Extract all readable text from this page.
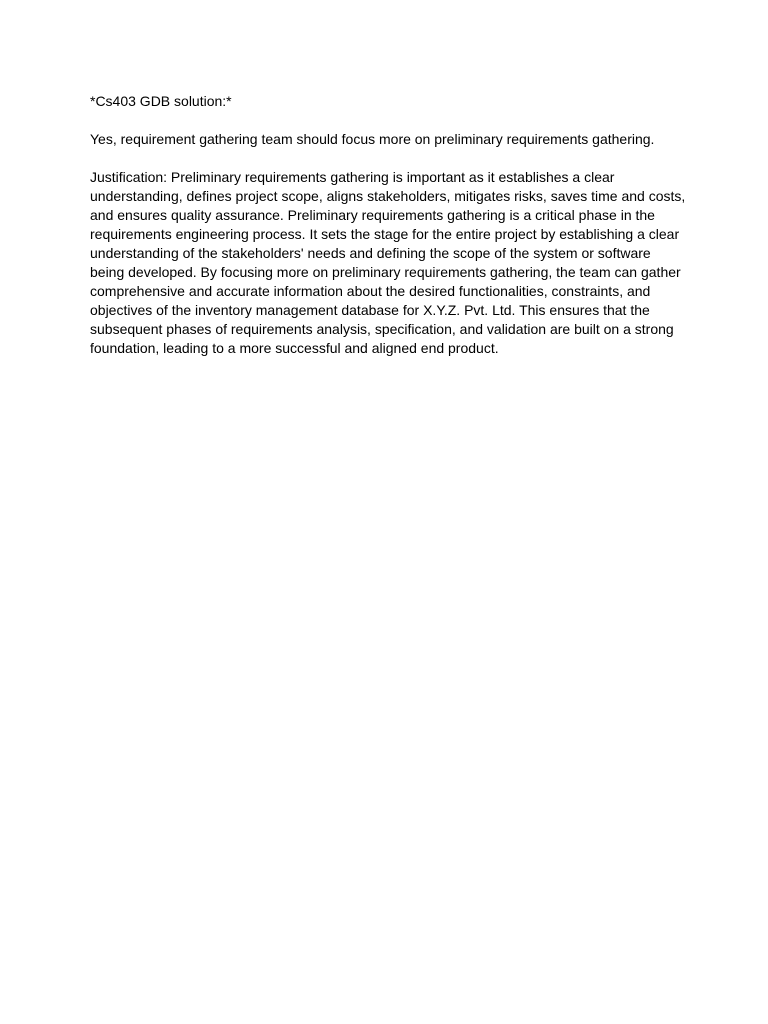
*Cs403 GDB solution:*

Yes, requirement gathering team should focus more on preliminary requirements gathering.

Justification: Preliminary requirements gathering is important as it establishes a clear
understanding, defines project scope, aligns stakeholders, mitigates risks, saves time and costs,
and ensures quality assurance. Preliminary requirements gathering is a critical phase in the
requirements engineering process. It sets the stage for the entire project by establishing a clear
understanding of the stakeholders' needs and defining the scope of the system or software
being developed. By focusing more on preliminary requirements gathering, the team can gather
comprehensive and accurate information about the desired functionalities, constraints, and
objectives of the inventory management database for X.Y.Z. Pvt. Ltd. This ensures that the
subsequent phases of requirements analysis, specification, and validation are built on a strong
foundation, leading to a more successful and aligned end product.
